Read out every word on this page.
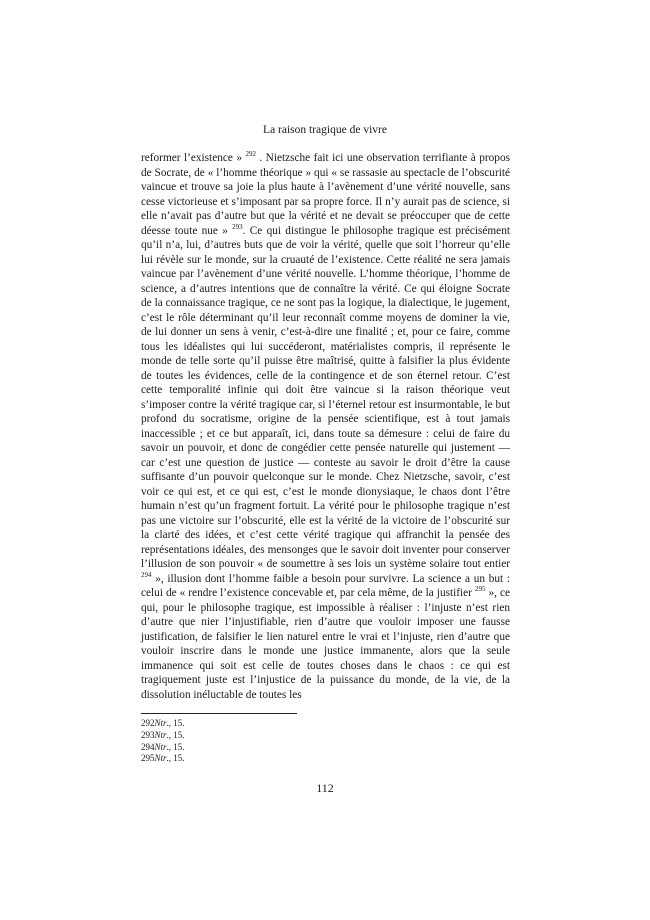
La raison tragique de vivre

reformer l’existence » $^{292}$ . Nietzsche fait ici une observation terrifiante à propos de Socrate, de « l’homme théorique » qui « se rassasie au spectacle de l’obscurité vaincue et trouve sa joie la plus haute à l’avènement d’une vérité nouvelle, sans cesse victorieuse et s’imposant par sa propre force. Il n’y aurait pas de science, si elle n’avait pas d’autre but que la vérité et ne devait se préoccuper que de cette déesse toute nue » $^{293}$. Ce qui distingue le philosophe tragique est précisément qu’il n’a, lui, d’autres buts que de voir la vérité, quelle que soit l’horreur qu’elle lui révèle sur le monde, sur la cruauté de l’existence. Cette réalité ne sera jamais vaincue par l’avènement d’une vérité nouvelle. L’homme théorique, l’homme de science, a d’autres intentions que de connaître la vérité. Ce qui éloigne Socrate de la connaissance tragique, ce ne sont pas la logique, la dialectique, le jugement, c’est le rôle déterminant qu’il leur reconnaît comme moyens de dominer la vie, de lui donner un sens à venir, c’est-à-dire une finalité ; et, pour ce faire, comme tous les idéalistes qui lui succéderont, matérialistes compris, il représente le monde de telle sorte qu’il puisse être maîtrisé, quitte à falsifier la plus évidente de toutes les évidences, celle de la contingence et de son éternel retour. C’est cette temporalité infinie qui doit être vaincue si la raison théorique veut s’imposer contre la vérité tragique car, si l’éternel retour est insurmontable, le but profond du socratisme, origine de la pensée scientifique, est à tout jamais inaccessible ; et ce but apparaît, ici, dans toute sa démesure : celui de faire du savoir un pouvoir, et donc de congédier cette pensée naturelle qui justement — car c’est une question de justice — conteste au savoir le droit d’être la cause suffisante d’un pouvoir quelconque sur le monde. Chez Nietzsche, savoir, c’est voir ce qui est, et ce qui est, c’est le monde dionysiaque, le chaos dont l’être humain n’est qu’un fragment fortuit. La vérité pour le philosophe tragique n’est pas une victoire sur l’obscurité, elle est la vérité de la victoire de l’obscurité sur la clarté des idées, et c’est cette vérité tragique qui affranchit la pensée des représentations idéales, des mensonges que le savoir doit inventer pour conserver l’illusion de son pouvoir « de soumettre à ses lois un système solaire tout entier $^{294}$ », illusion dont l’homme faible a besoin pour survivre. La science a un but : celui de « rendre l’existence concevable et, par cela même, de la justifier $^{295}$ », ce qui, pour le philosophe tragique, est impossible à réaliser : l’injuste n’est rien d’autre que nier l’injustifiable, rien d’autre que vouloir imposer une fausse justification, de falsifier le lien naturel entre le vrai et l’injuste, rien d’autre que vouloir inscrire dans le monde une justice immanente, alors que la seule immanence qui soit est celle de toutes choses dans le chaos : ce qui est tragiquement juste est l’injustice de la puissance du monde, de la vie, de la dissolution inéluctable de toutes les

292Ntr., 15.
293Ntr., 15.
294Ntr., 15.
295Ntr., 15.
112
